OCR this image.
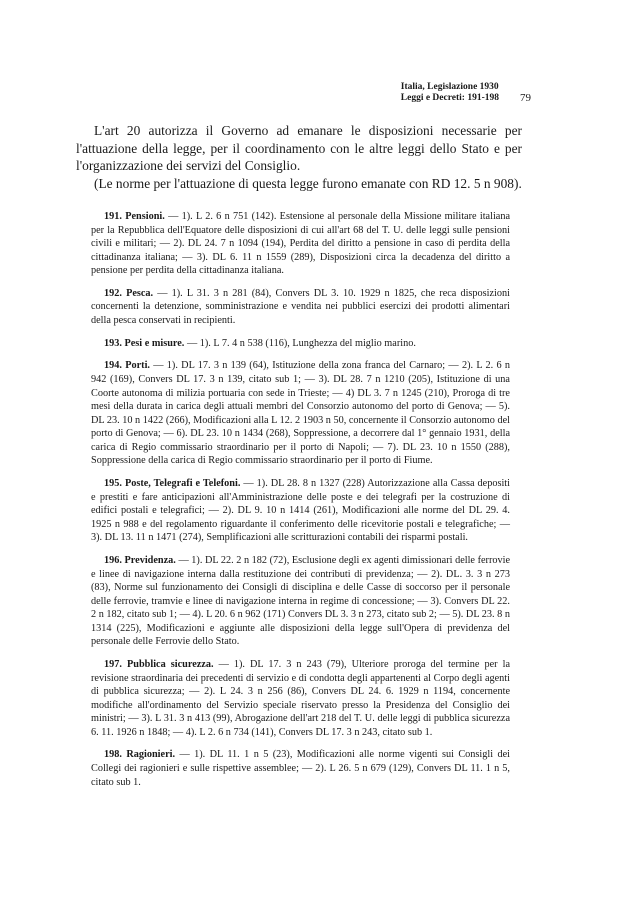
Italia, Legislazione 1930
Leggi e Decreti: 191-198 79

L'art 20 autorizza il Governo ad emanare le disposizioni necessarie per l'attuazione della legge, per il coordinamento con le altre leggi dello Stato e per l'organizzazione dei servizi del Consiglio.

(Le norme per l'attuazione di questa legge furono emanate con RD 12. 5 n 908).

191. Pensioni. — 1). L 2. 6 n 751 (142). Estensione al personale della Missione militare italiana per la Repubblica dell'Equatore delle disposizioni di cui all'art 68 del T. U. delle leggi sulle pensioni civili e militari; — 2). DL 24. 7 n 1094 (194), Perdita del diritto a pensione in caso di perdita della cittadinanza italiana; — 3). DL 6. 11 n 1559 (289), Disposizioni circa la decadenza del diritto a pensione per perdita della cittadinanza italiana.

192. Pesca. — 1). L 31. 3 n 281 (84), Convers DL 3. 10. 1929 n 1825, che reca disposizioni concernenti la detenzione, somministrazione e vendita nei pubblici esercizi dei prodotti alimentari della pesca conservati in recipienti.

193. Pesi e misure. — 1). L 7. 4 n 538 (116), Lunghezza del miglio marino.

194. Porti. — 1). DL 17. 3 n 139 (64), Istituzione della zona franca del Carnaro; — 2). L 2. 6 n 942 (169), Convers DL 17. 3 n 139, citato sub 1; — 3). DL 28. 7 n 1210 (205), Istituzione di una Coorte autonoma di milizia portuaria con sede in Trieste; — 4) DL 3. 7 n 1245 (210), Proroga di tre mesi della durata in carica degli attuali membri del Consorzio autonomo del porto di Genova; — 5). DL 23. 10 n 1422 (266), Modificazioni alla L 12. 2 1903 n 50, concernente il Consorzio autonomo del porto di Genova; — 6). DL 23. 10 n 1434 (268), Soppressione, a decorrere dal 1° gennaio 1931, della carica di Regio commissario straordinario per il porto di Napoli; — 7). DL 23. 10 n 1550 (288), Soppressione della carica di Regio commissario straordinario per il porto di Fiume.

195. Poste, Telegrafi e Telefoni. — 1). DL 28. 8 n 1327 (228) Autorizzazione alla Cassa depositi e prestiti e fare anticipazioni all'Amministrazione delle poste e dei telegrafi per la costruzione di edifici postali e telegrafici; — 2). DL 9. 10 n 1414 (261), Modificazioni alle norme del DL 29. 4. 1925 n 988 e del regolamento riguardante il conferimento delle ricevitorie postali e telegrafiche; — 3). DL 13. 11 n 1471 (274), Semplificazioni alle scritturazioni contabili dei risparmi postali.

196. Previdenza. — 1). DL 22. 2 n 182 (72), Esclusione degli ex agenti dimissionari delle ferrovie e linee di navigazione interna dalla restituzione dei contributi di previdenza; — 2). DL. 3. 3 n 273 (83), Norme sul funzionamento dei Consigli di disciplina e delle Casse di soccorso per il personale delle ferrovie, tramvie e linee di navigazione interna in regime di concessione; — 3). Convers DL 22. 2 n 182, citato sub 1; — 4). L 20. 6 n 962 (171) Convers DL 3. 3 n 273, citato sub 2; — 5). DL 23. 8 n 1314 (225), Modificazioni e aggiunte alle disposizioni della legge sull'Opera di previdenza del personale delle Ferrovie dello Stato.

197. Pubblica sicurezza. — 1). DL 17. 3 n 243 (79), Ulteriore proroga del termine per la revisione straordinaria dei precedenti di servizio e di condotta degli appartenenti al Corpo degli agenti di pubblica sicurezza; — 2). L 24. 3 n 256 (86), Convers DL 24. 6. 1929 n 1194, concernente modifiche all'ordinamento del Servizio speciale riservato presso la Presidenza del Consiglio dei ministri; — 3). L 31. 3 n 413 (99), Abrogazione dell'art 218 del T. U. delle leggi di pubblica sicurezza 6. 11. 1926 n 1848; — 4). L 2. 6 n 734 (141), Convers DL 17. 3 n 243, citato sub 1.

198. Ragionieri. — 1). DL 11. 1 n 5 (23), Modificazioni alle norme vigenti sui Consigli dei Collegi dei ragionieri e sulle rispettive assemblee; — 2). L 26. 5 n 679 (129), Convers DL 11. 1 n 5, citato sub 1.
